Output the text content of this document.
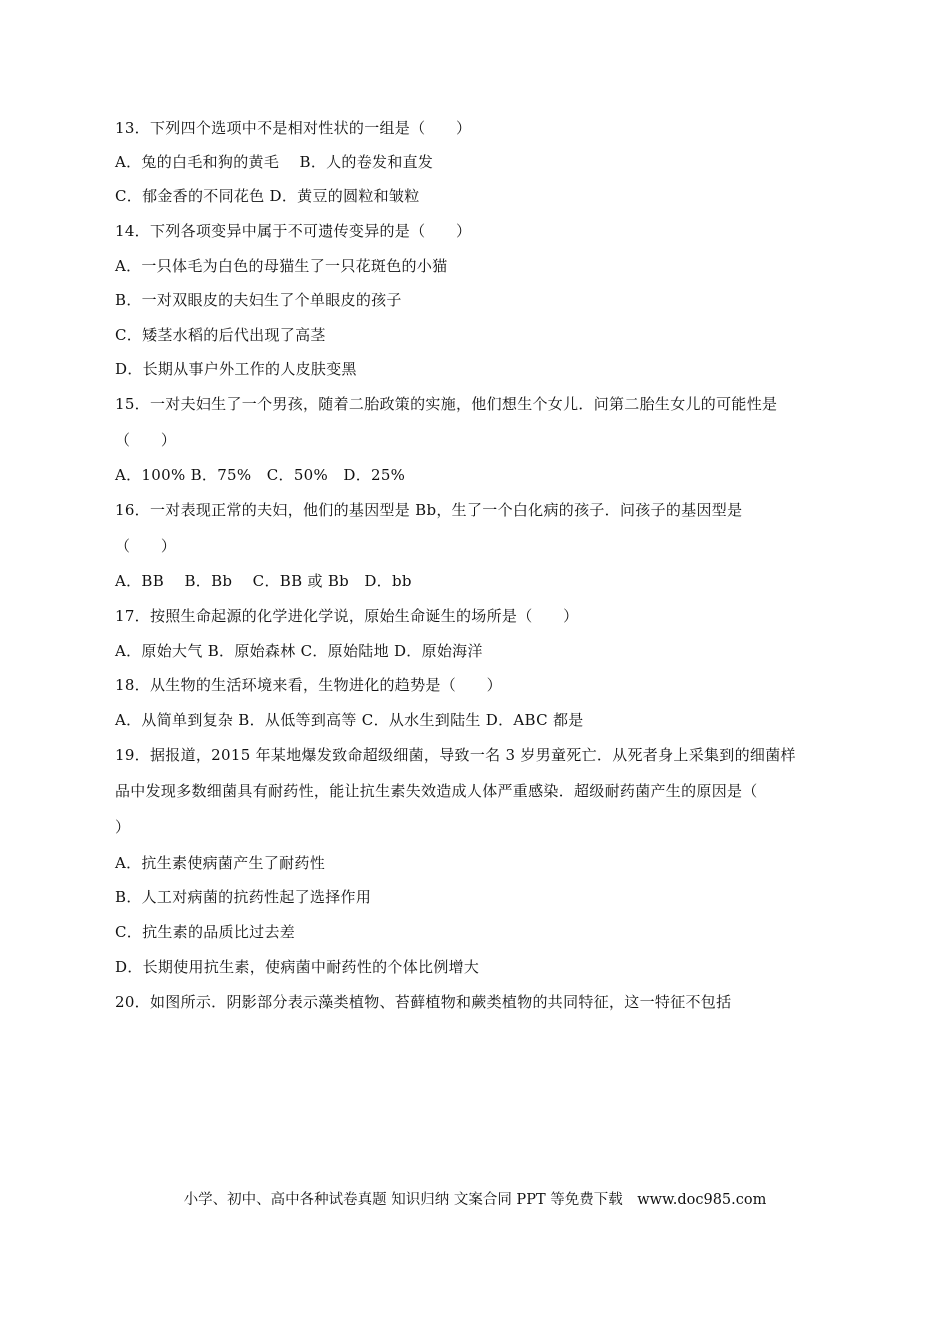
13．下列四个选项中不是相对性状的一组是（　　）
A．兔的白毛和狗的黄毛　 B．人的卷发和直发
C．郁金香的不同花色 D．黄豆的圆粒和皱粒
14．下列各项变异中属于不可遗传变异的是（　　）
A．一只体毛为白色的母猫生了一只花斑色的小猫
B．一对双眼皮的夫妇生了个单眼皮的孩子
C．矮茎水稻的后代出现了高茎
D．长期从事户外工作的人皮肤变黑
15．一对夫妇生了一个男孩，随着二胎政策的实施，他们想生个女儿．问第二胎生女儿的可能性是
（　　）
A．100% B．75%　C．50%　D．25%
16．一对表现正常的夫妇，他们的基因型是 Bb，生了一个白化病的孩子．问孩子的基因型是
（　　）
A．BB　 B．Bb　 C．BB 或 Bb　D．bb
17．按照生命起源的化学进化学说，原始生命诞生的场所是（　　）
A．原始大气 B．原始森林 C．原始陆地 D．原始海洋
18．从生物的生活环境来看，生物进化的趋势是（　　）
A．从简单到复杂 B．从低等到高等 C．从水生到陆生 D．ABC 都是
19．据报道，2015 年某地爆发致命超级细菌，导致一名 3 岁男童死亡．从死者身上采集到的细菌样
品中发现多数细菌具有耐药性，能让抗生素失效造成人体严重感染．超级耐药菌产生的原因是（
）
A．抗生素使病菌产生了耐药性
B．人工对病菌的抗药性起了选择作用
C．抗生素的品质比过去差
D．长期使用抗生素，使病菌中耐药性的个体比例增大
20．如图所示．阴影部分表示藻类植物、苔藓植物和蕨类植物的共同特征，这一特征不包括
小学、初中、高中各种试卷真题 知识归纳 文案合同 PPT 等免费下载　www.doc985.com
